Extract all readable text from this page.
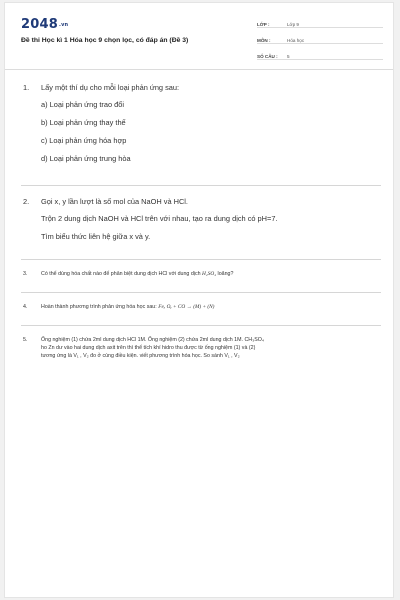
2048.vn
Đề thi Học kì 1 Hóa học 9 chọn lọc, có đáp án (Đề 3)
LỚP :	Lớp 9
MÔN :	Hóa học
SỐ CÂU :	5
1. Lấy một thí dụ cho mỗi loại phản ứng sau:
a) Loại phản ứng trao đổi
b) Loại phản ứng thay thế
c) Loại phản ứng hóa hợp
d) Loại phản ứng trung hòa
2. Gọi x, y lần lượt là số mol của NaOH và HCl.
Trộn 2 dung dịch NaOH và HCl trên với nhau, tạo ra dung dịch có pH=7.
Tìm biểu thức liên hệ giữa x và y.
3.	Có thể dùng hóa chất nào để phân biệt dung dịch HCl với dung dịch H₂SO₄ loãng?
4.	Hoàn thành phương trình phản ứng hóa học sau: Feₓ Oᵧ + CO → (M) + (N)
5.	Ống nghiệm (1) chứa 2ml dung dịch HCl 1M. Ống nghiệm (2) chứa 2ml dung dịch 1M. CH₃SO₄
ho Zn dư vào hai dung dịch axit trên thì thể tích khí hidro thu được từ ống nghiệm (1) và (2)
tương ứng là V₁ , V₂ đo ở cùng điều kiện. viết phương trình hóa học. So sánh V₁ , V₂
